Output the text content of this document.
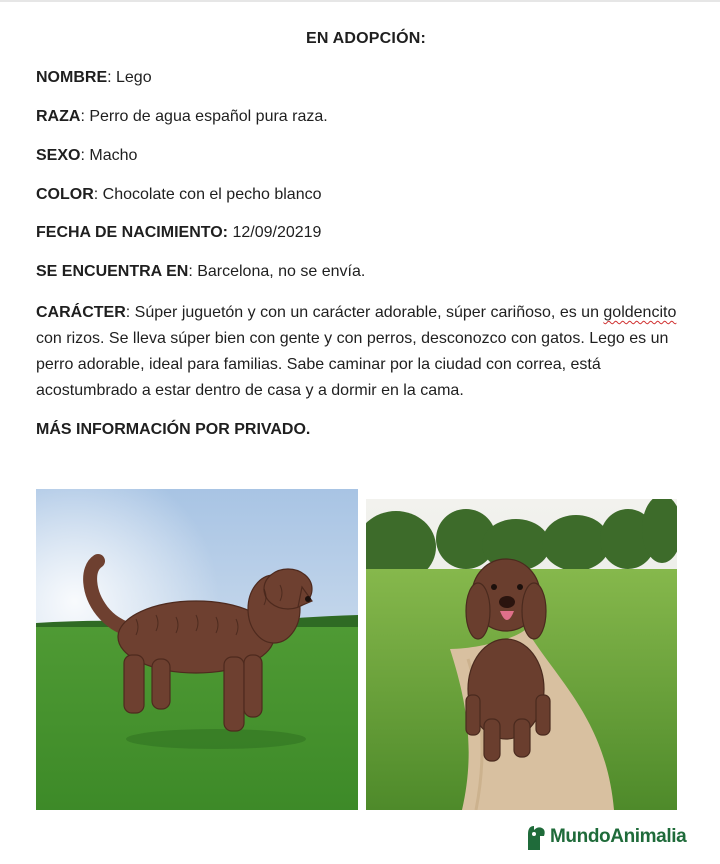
EN ADOPCIÓN:
NOMBRE: Lego
RAZA: Perro de agua español pura raza.
SEXO: Macho
COLOR: Chocolate con el pecho blanco
FECHA DE NACIMIENTO: 12/09/20219
SE ENCUENTRA EN: Barcelona, no se envía.
CARÁCTER: Súper juguetón y con un carácter adorable, súper cariñoso, es un goldencito con rizos. Se lleva súper bien con gente y con perros, desconozco con gatos. Lego es un perro adorable, ideal para familias. Sabe caminar por la ciudad con correa, está acostumbrado a estar dentro de casa y a dormir en la cama.
MÁS INFORMACIÓN POR PRIVADO.
MundoAnimalia
